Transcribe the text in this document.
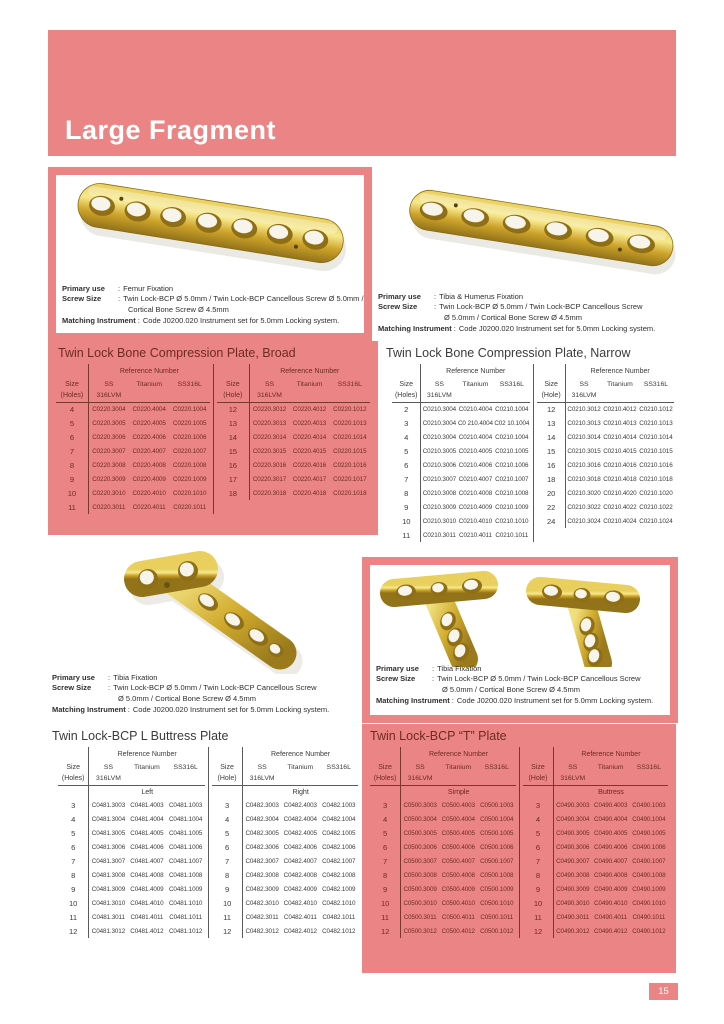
Large Fragment
Primary use	: Femur Fixation
Screw Size	: Twin Lock-BCP Ø 5.0mm / Twin Lock-BCP Cancellous Screw Ø 5.0mm /
Cortical Bone Screw Ø 4.5mm
Matching Instrument : Code J0200.020 Instrument set for 5.0mm Locking system.
Primary use	: Tibia & Humerus Fixation
Screw Size	: Twin Lock-BCP Ø 5.0mm / Twin Lock-BCP Cancellous Screw
Ø 5.0mm / Cortical Bone Screw Ø 4.5mm
Matching Instrument : Code J0200.020 Instrument set for 5.0mm Locking system.
Twin Lock Bone Compression Plate, Broad
	Reference Number		
Size	SS	Titanium	SS316L
(Holes)	316LVM		
4	C0220.3004	C0220.4004	C0220.1004
5	C0220.3005	C0220.4005	C0220.1005
6	C0220.3006	C0220.4006	C0220.1006
7	C0220.3007	C0220.4007	C0220.1007
8	C0220.3008	C0220.4008	C0220.1008
9	C0220.3009	C0220.4009	C0220.1009
10	C0220.3010	C0220.4010	C0220.1010
11	C0220.3011	C0220.4011	C0220.1011
	Reference Number		
Size	SS	Titanium	SS316L
(Hole)	316LVM		
12	C0220.3012	C0220.4012	C0220.1012
13	C0220.3013	C0220.4013	C0220.1013
14	C0220.3014	C0220.4014	C0220.1014
15	C0220.3015	C0220.4015	C0220.1015
16	C0220.3016	C0220.4016	C0220.1016
17	C0220.3017	C0220.4017	C0220.1017
18	C0220.3018	C0220.4018	C0220.1018
Twin Lock Bone Compression Plate, Narrow
	Reference Number		
Size	SS	Titanium	SS316L
(Holes)	316LVM		
2	C0210.3004	C0210.4004	C0210.1004
3	C0210.3004	C0 210.4004	C02 10.1004
4	C0210.3004	C0210.4004	C0210.1004
5	C0210.3005	C0210.4005	C0210.1005
6	C0210.3006	C0210.4006	C0210.1006
7	C0210.3007	C0210.4007	C0210.1007
8	C0210.3008	C0210.4008	C0210.1008
9	C0210.3009	C0210.4009	C0210.1009
10	C0210.3010	C0210.4010	C0210.1010
11	C0210.3011	C0210.4011	C0210.1011
	Reference Number		
Size	SS	Titanium	SS316L
(Hole)	316LVM		
12	C0210.3012	C0210.4012	C0210.1012
13	C0210.3013	C0210.4013	C0210.1013
14	C0210.3014	C0210.4014	C0210.1014
15	C0210.3015	C0210.4015	C0210.1015
16	C0210.3016	C0210.4016	C0210.1016
18	C0210.3018	C0210.4018	C0210.1018
20	C0210.3020	C0210.4020	C0210.1020
22	C0210.3022	C0210.4022	C0210.1022
24	C0210.3024	C0210.4024	C0210.1024
Primary use	: Tibia Fixation
Screw Size	: Twin Lock-BCP Ø 5.0mm / Twin Lock-BCP Cancellous Screw
Ø 5.0mm / Cortical Bone Screw Ø 4.5mm
Matching Instrument : Code J0200.020 Instrument set for 5.0mm Locking system.
Primary use	: Tibia Fixation
Screw Size	: Twin Lock-BCP Ø 5.0mm / Twin Lock-BCP Cancellous Screw
Ø 5.0mm / Cortical Bone Screw Ø 4.5mm
Matching Instrument : Code J0200.020 Instrument set for 5.0mm Locking system.
Twin Lock-BCP L Buttress Plate
	Reference Number		
Size	SS	Titanium	SS316L
(Holes)	316LVM		
	Left		
3	C0481.3003	C0481.4003	C0481.1003
4	C0481.3004	C0481.4004	C0481.1004
5	C0481.3005	C0481.4005	C0481.1005
6	C0481.3006	C0481.4006	C0481.1006
7	C0481.3007	C0481.4007	C0481.1007
8	C0481.3008	C0481.4008	C0481.1008
9	C0481.3009	C0481.4009	C0481.1009
10	C0481.3010	C0481.4010	C0481.1010
11	C0481.3011	C0481.4011	C0481.1011
12	C0481.3012	C0481.4012	C0481.1012
	Reference Number		
Size	SS	Titanium	SS316L
(Hole)	316LVM		
	Right		
3	C0482.3003	C0482.4003	C0482.1003
4	C0482.3004	C0482.4004	C0482.1004
5	C0482.3005	C0482.4005	C0482.1005
6	C0482.3006	C0482.4006	C0482.1006
7	C0482.3007	C0482.4007	C0482.1007
8	C0482.3008	C0482.4008	C0482.1008
9	C0482.3009	C0482.4009	C0482.1009
10	C0482.3010	C0482.4010	C0482.1010
11	C0482.3011	C0482.4011	C0482.1011
12	C0482.3012	C0482.4012	C0482.1012
Twin Lock-BCP “T” Plate
	Reference Number		
Size	SS	Titanium	SS316L
(Holes)	316LVM		
	Simple		
3	C0500.3003	C0500.4003	C0500.1003
4	C0500.3004	C0500.4004	C0500.1004
5	C0500.3005	C0500.4005	C0500.1005
6	C0500.3006	C0500.4006	C0500.1006
7	C0500.3007	C0500.4007	C0500.1007
8	C0500.3008	C0500.4008	C0500.1008
9	C0500.3009	C0500.4009	C0500.1009
10	C0500.3010	C0500.4010	C0500.1010
11	C0500.3011	C0500.4011	C0500.1011
12	C0500.3012	C0500.4012	C0500.1012
	Reference Number		
Size	SS	Titanium	SS316L
(Hole)	316LVM		
	Buttress		
3	C0490.3003	C0490.4003	C0490.1003
4	C0490.3004	C0490.4004	C0490.1004
5	C0490.3005	C0490.4005	C0490.1005
6	C0490.3006	C0490.4006	C0490.1006
7	C0490.3007	C0490.4007	C0490.1007
8	C0490.3008	C0490.4008	C0490.1008
9	C0490.3009	C0490.4009	C0490.1009
10	C0490.3010	C0490.4010	C0490.1010
11	C0490.3011	C0490.4011	C0490.1011
12	C0490.3012	C0490.4012	C0490.1012
15
